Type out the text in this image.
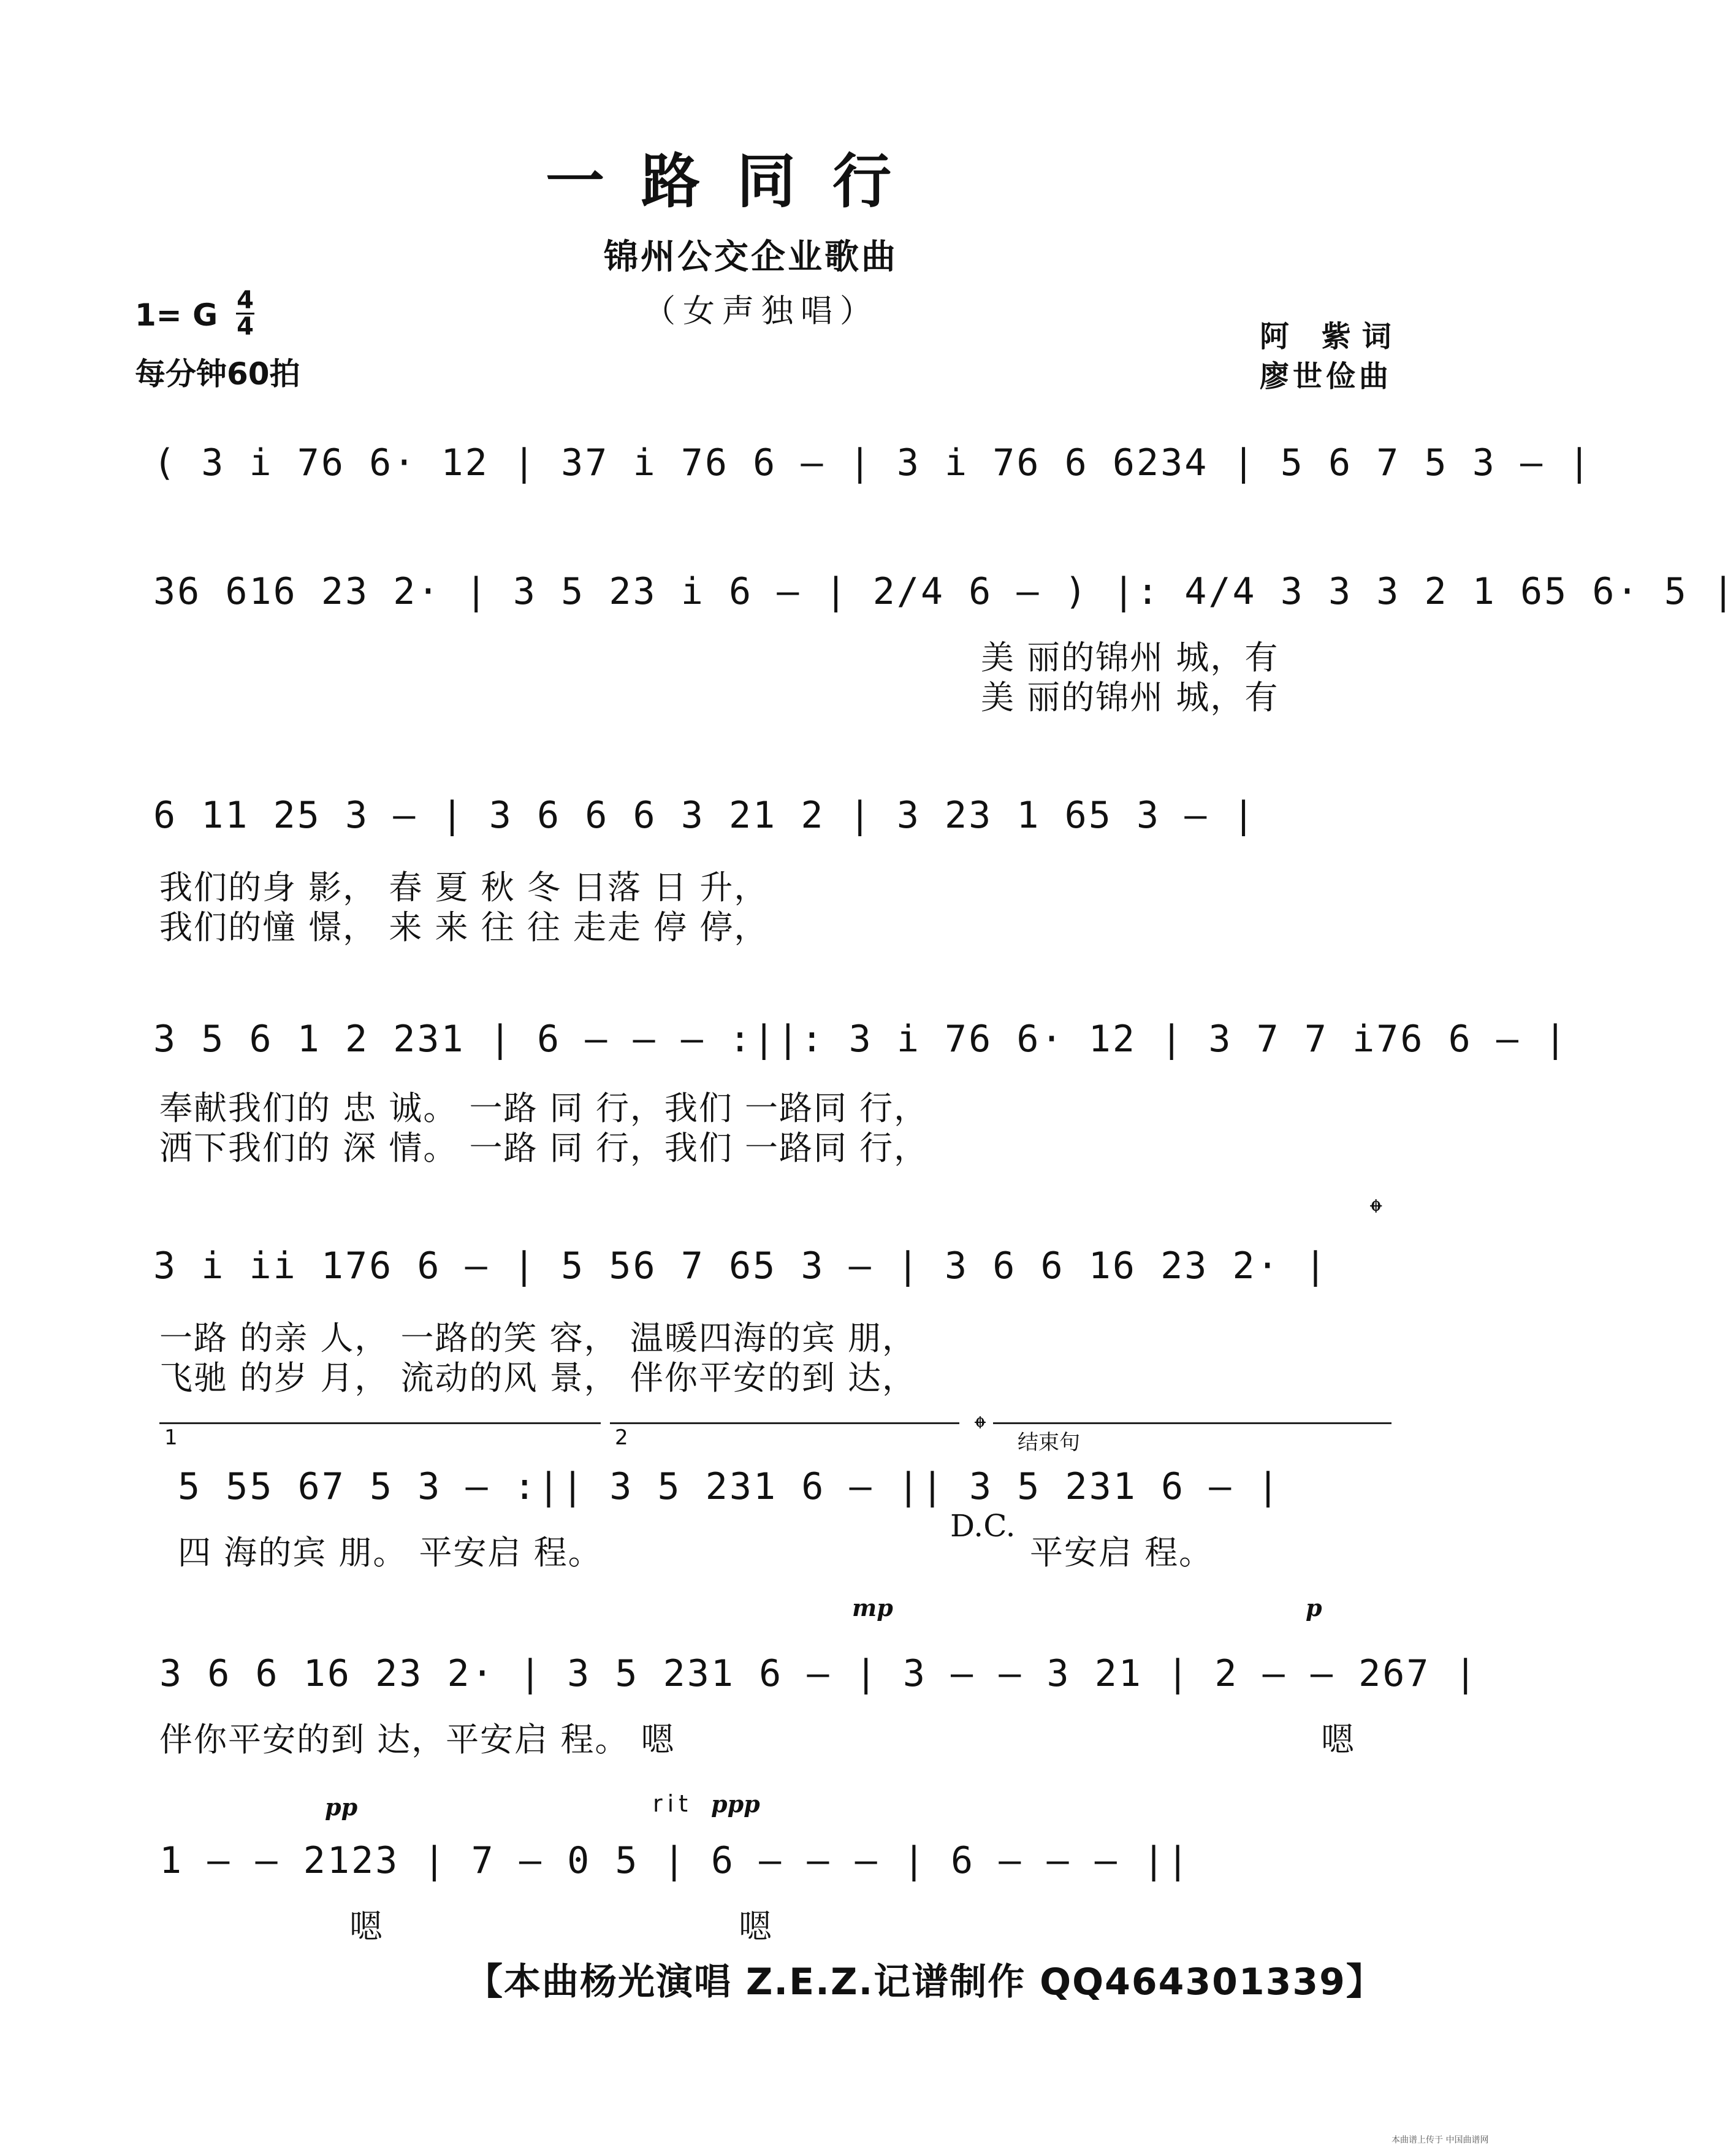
一路同行
锦州公交企业歌曲
（女声独唱）
1= G 4
4
每分钟60拍
阿 紫词
廖世俭曲
( 3 i 76 6· 12 | 37 i 76 6 – | 3 i 76 6 6234 | 5 6 7 5 3 – |
36 616 23 2· | 3 5 23 i 6 – | 2/4 6 – ) |: 4/4 3 3 3 2 1 65 6· 5 |
美 丽的锦州 城，有
美 丽的锦州 城，有
6 11 25 3 – | 3 6 6 6 3 21 2 | 3 23 1 65 3 – |
我们的身 影， 春 夏 秋 冬 日落 日 升，
我们的憧 憬， 来 来 往 往 走走 停 停，
3 5 6 1 2 231 | 6 – – – :||: 3 i 76 6· 12 | 3 7 7 i76 6 – |
奉献我们的 忠 诚。 一路 同 行，我们 一路同 行，
洒下我们的 深 情。 一路 同 行，我们 一路同 行，
3 i ii 176 6 – | 5 56 7 65 3 – | 3 6 6 16 23 2· |
𝄌
一路 的亲 人， 一路的笑 容， 温暖四海的宾 朋，
飞驰 的岁 月， 流动的风 景， 伴你平安的到 达，
1	2	𝄌 结束句
5 55 67 5 3 – :|| 3 5 231 6 – || 3 5 231 6 – |
四 海的宾 朋。 平安启 程。
D.C.
平安启 程。
mp	p
3 6 6 16 23 2· | 3 5 231 6 – | 3 – – 3 21 | 2 – – 267 |
伴你平安的到 达，平安启 程。 嗯	嗯
pp	rit ppp
1 – – 2123 | 7 – 0 5 | 6 – – – | 6 – – – ||
嗯	嗯
【本曲杨光演唱 Z.E.Z.记谱制作 QQ464301339】
本曲谱上传于 中国曲谱网
